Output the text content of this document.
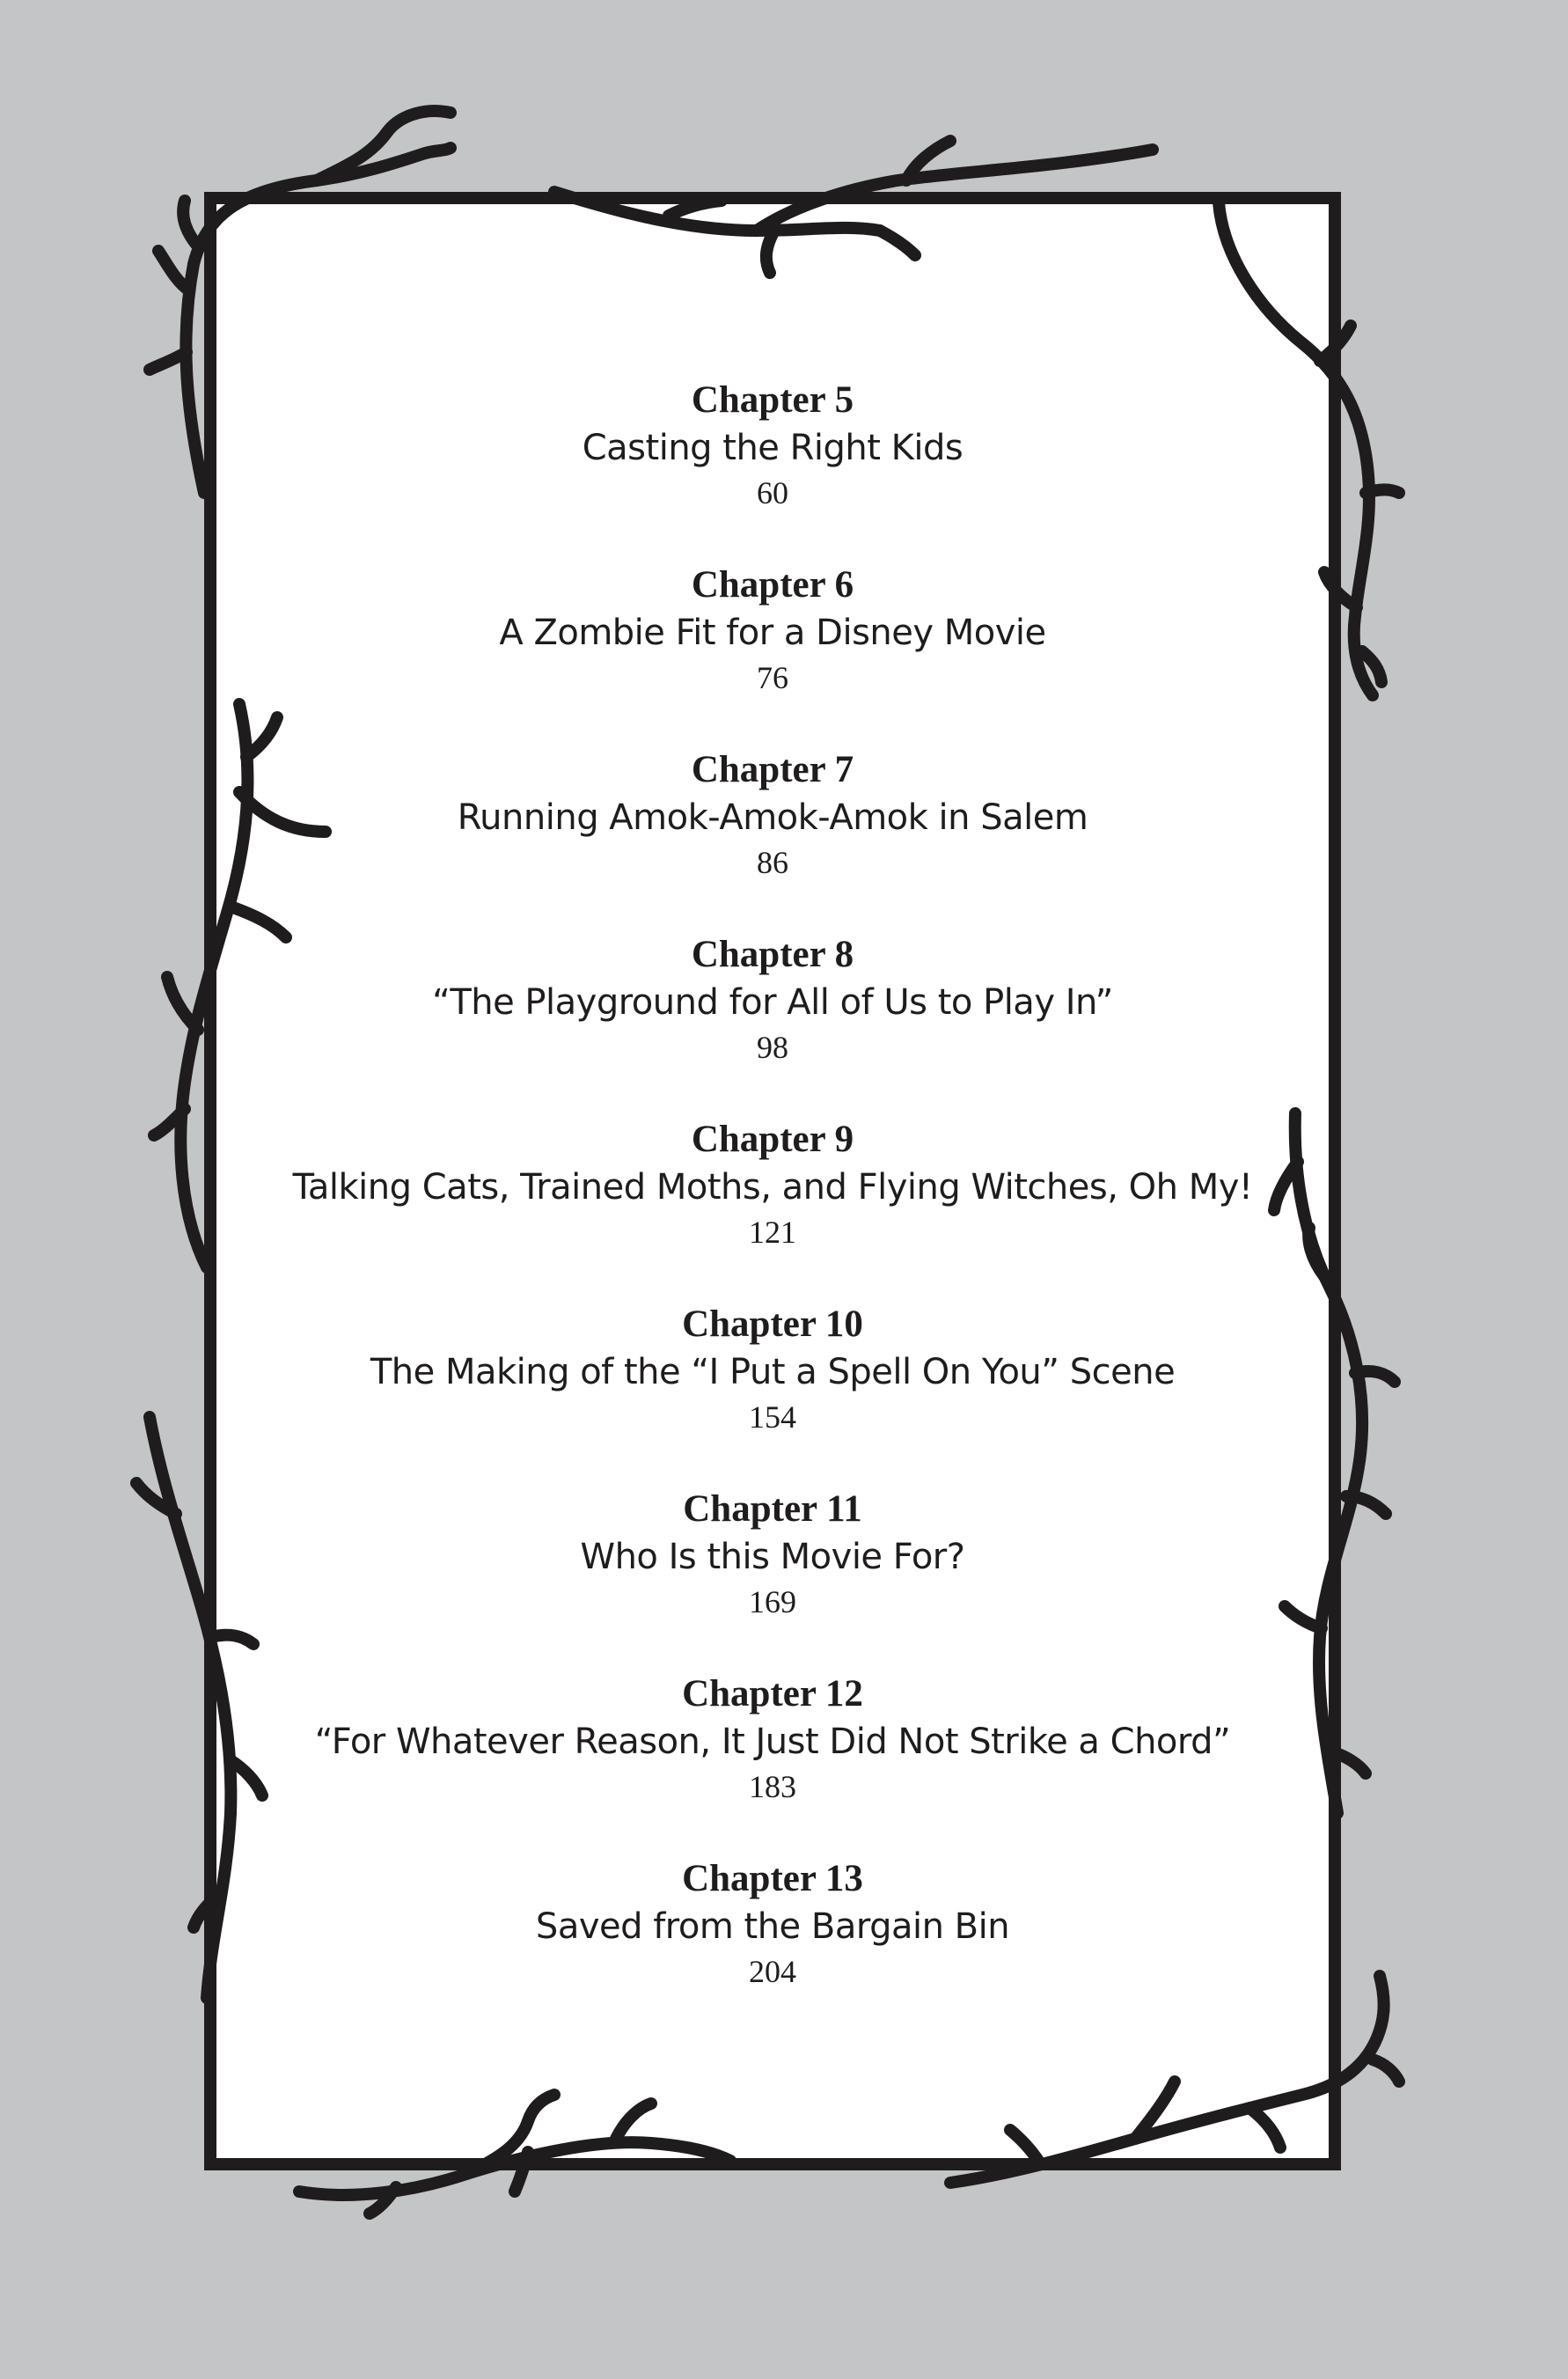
Chapter 5

Casting the Right Kids

60

Chapter 6

A Zombie Fit for a Disney Movie

76

Chapter 7

Running Amok-Amok-Amok in Salem

86

Chapter 8

“The Playground for All of Us to Play In”

98

Chapter 9

Talking Cats, Trained Moths, and Flying Witches, Oh My!

121

Chapter 10

The Making of the “I Put a Spell On You” Scene

154

Chapter 11

Who Is this Movie For?

169

Chapter 12

“For Whatever Reason, It Just Did Not Strike a Chord”

183

Chapter 13

Saved from the Bargain Bin

204
